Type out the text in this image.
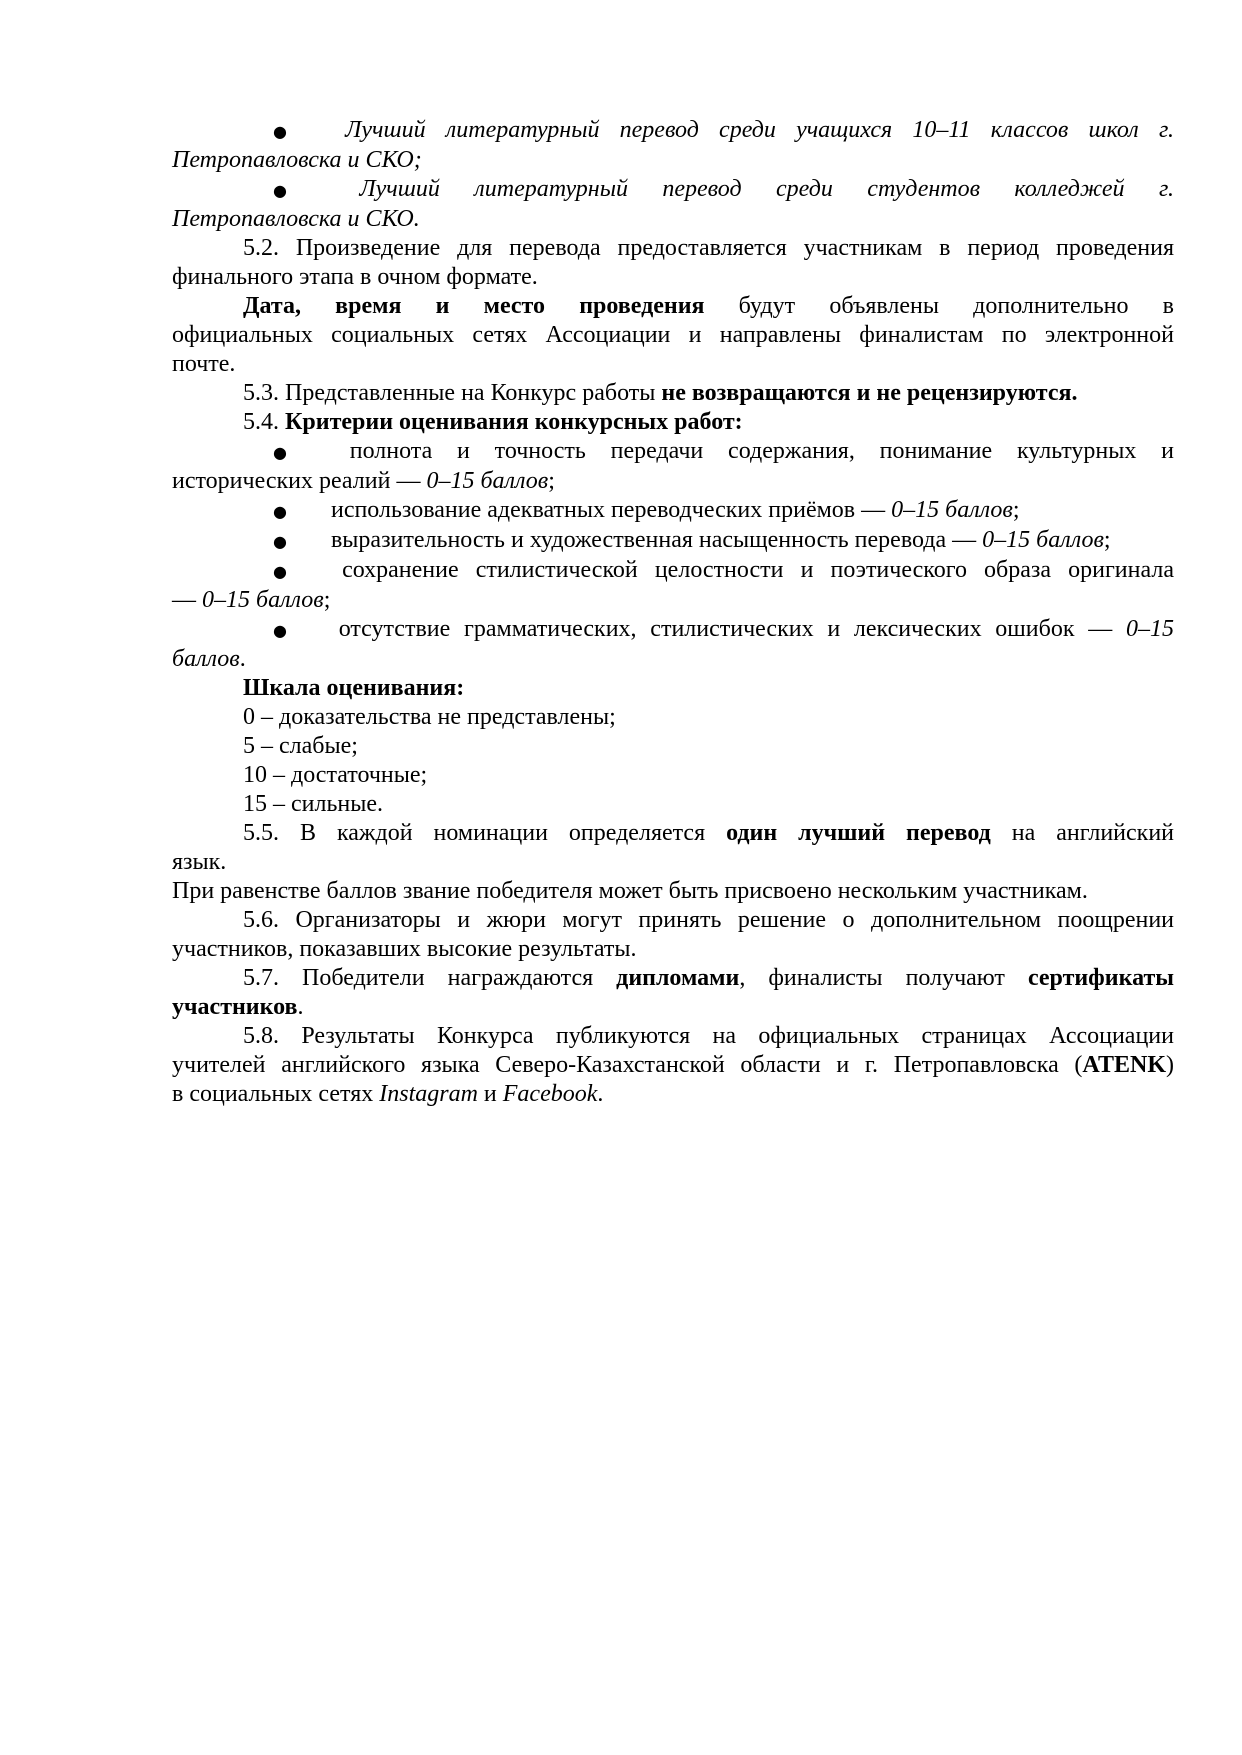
● Лучший литературный перевод среди учащихся 10–11 классов школ г.
Петропавловска и СКО;
● Лучший литературный перевод среди студентов колледжей г.
Петропавловска и СКО.
5.2. Произведение для перевода предоставляется участникам в период проведения
финального этапа в очном формате.
Дата, время и место проведения будут объявлены дополнительно в
официальных социальных сетях Ассоциации и направлены финалистам по электронной
почте.
5.3. Представленные на Конкурс работы не возвращаются и не рецензируются.
5.4. Критерии оценивания конкурсных работ:
● полнота и точность передачи содержания, понимание культурных и
исторических реалий — 0–15 баллов;
● использование адекватных переводческих приёмов — 0–15 баллов;
● выразительность и художественная насыщенность перевода — 0–15 баллов;
● сохранение стилистической целостности и поэтического образа оригинала
— 0–15 баллов;
● отсутствие грамматических, стилистических и лексических ошибок — 0–15
баллов.
Шкала оценивания:
0 – доказательства не представлены;
5 – слабые;
10 – достаточные;
15 – сильные.
5.5. В каждой номинации определяется один лучший перевод на английский
язык.
При равенстве баллов звание победителя может быть присвоено нескольким участникам.
5.6. Организаторы и жюри могут принять решение о дополнительном поощрении
участников, показавших высокие результаты.
5.7. Победители награждаются дипломами, финалисты получают сертификаты
участников.
5.8. Результаты Конкурса публикуются на официальных страницах Ассоциации
учителей английского языка Северо-Казахстанской области и г. Петропавловска (ATENK)
в социальных сетях Instagram и Facebook.
